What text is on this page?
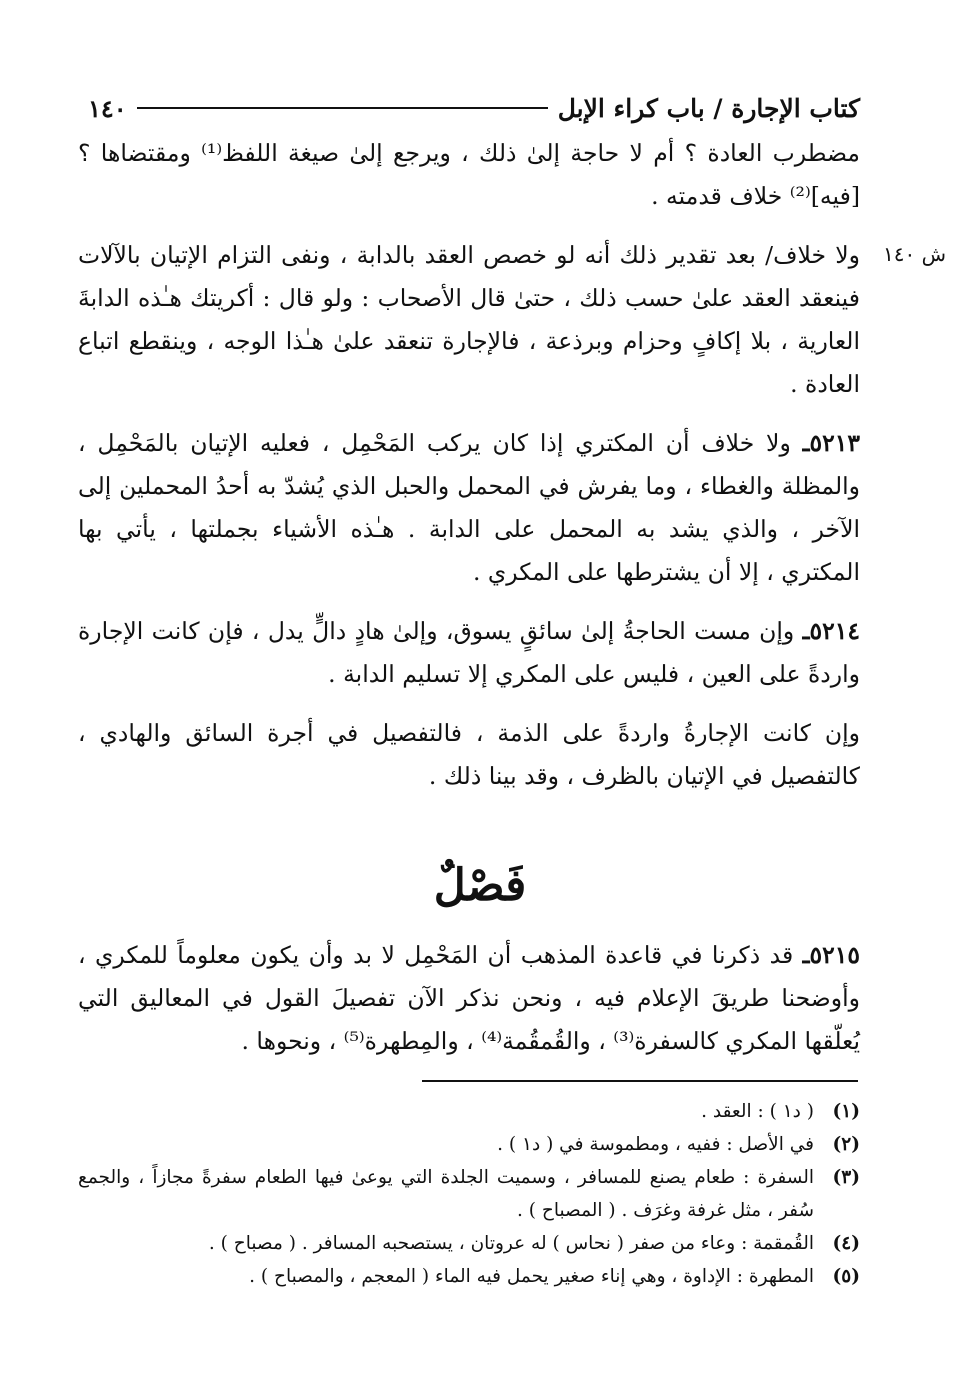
١٤٠	كتاب الإجارة / باب كراء الإبل
ش ١٤٠

مضطرب العادة ؟ أم لا حاجة إلىٰ ذلك ، ويرجع إلىٰ صيغة اللفظ⁽¹⁾ ومقتضاها ؟ [فيه]⁽²⁾ خلاف قدمته .

ولا خلاف/ بعد تقدير ذلك أنه لو خصص العقد بالدابة ، ونفى التزام الإتيان بالآلات فينعقد العقد علىٰ حسب ذلك ، حتىٰ قال الأصحاب : ولو قال : أكريتك هـٰذه الدابةَ العارية ، بلا إكافٍ وحزام وبرذعة ، فالإجارة تنعقد علىٰ هـٰذا الوجه ، وينقطع اتباع العادة .

٥٢١٣ـ ولا خلاف أن المكتري إذا كان يركب المَحْمِل ، فعليه الإتيان بالمَحْمِل ، والمظلة والغطاء ، وما يفرش في المحمل والحبل الذي يُشدّ به أحدُ المحملين إلى الآخر ، والذي يشد به المحمل على الدابة . هـٰذه الأشياء بجملتها ، يأتي بها المكتري ، إلا أن يشترطها على المكري .

٥٢١٤ـ وإن مست الحاجةُ إلىٰ سائقٍ يسوق، وإلىٰ هادٍ دالٍّ يدل ، فإن كانت الإجارة واردةً على العين ، فليس على المكري إلا تسليم الدابة .

وإن كانت الإجارةُ واردةً على الذمة ، فالتفصيل في أجرة السائق والهادي ، كالتفصيل في الإتيان بالظرف ، وقد بينا ذلك .

فَصْلٌ

٥٢١٥ـ قد ذكرنا في قاعدة المذهب أن المَحْمِل لا بد وأن يكون معلوماً للمكري ، وأوضحنا طريقَ الإعلام فيه ، ونحن نذكر الآن تفصيلَ القول في المعاليق التي يُعلّقها المكري كالسفرة⁽³⁾ ، والقُمقُمة⁽⁴⁾ ، والمِطهرة⁽⁵⁾ ، ونحوها .

(١)
( د١ ) : العقد .
(٢)
في الأصل : ففيه ، ومطموسة في ( د١ ) .
(٣)
السفرة : طعام يصنع للمسافر ، وسميت الجلدة التي يوعىٰ فيها الطعام سفرةً مجازاً ، والجمع سُفر ، مثل غرفة وغرَف . ( المصباح ) .
(٤)
القُمقمة : وعاء من صفر ( نحاس ) له عروتان ، يستصحبه المسافر . ( مصباح ) .
(٥)
المطهرة : الإداوة ، وهي إناء صغير يحمل فيه الماء ( المعجم ، والمصباح ) .
